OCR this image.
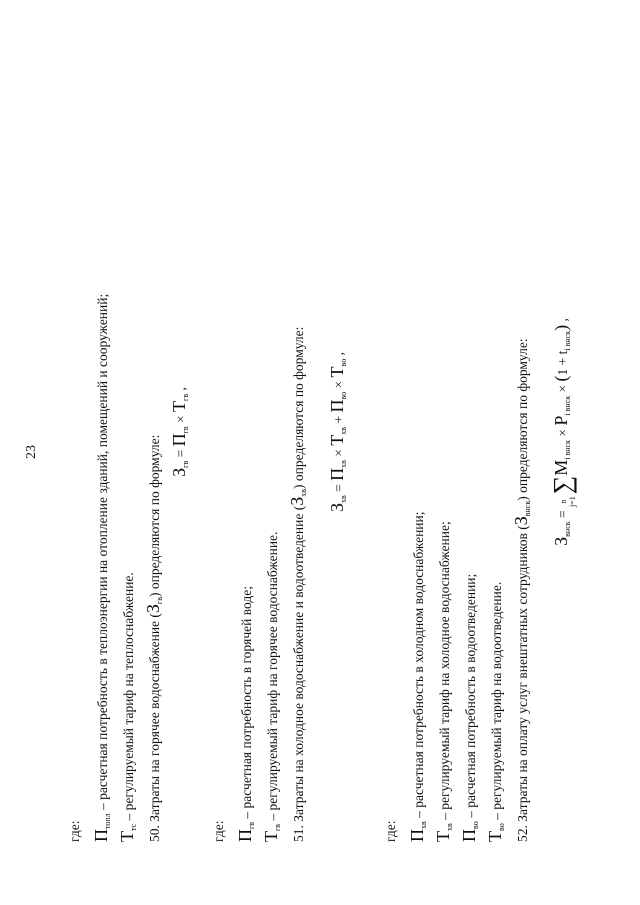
23
где: $П_{топл}$ – расчетная потребность в теплоэнергии на отопление зданий, помещений и сооружений;
$Т_{тс}$ – регулируемый тариф на теплоснабжение. 50. Затраты на горячее водоснабжение $(З_{гв})$ определяются по формуле: $З_{гв} = П_{гв} \times Т_{гв}$ ,
где: $П_{гв}$ – расчетная потребность в горячей воде;
$Т_{гв}$ – регулируемый тариф на горячее водоснабжение. 51. Затраты на холодное водоснабжение и водоотведение $(З_{хв})$ определяются по формуле:
$З_{хв} = П_{хв} \times Т_{хв} + П_{во} \times Т_{во}$ ,
где: $П_{хв}$ – расчетная потребность в холодном водоснабжении;
$Т_{хв}$ – регулируемый тариф на холодное водоснабжение;
$П_{во}$ – расчетная потребность в водоотведении;
$Т_{во}$ – регулируемый тариф на водоотведение. 52. Затраты на оплату услуг внештатных сотрудников $(З_{внск})$ определяются по формуле:
$З_{внск} = n$
$j=1\sum M_{i внск} \times P_{i внск} \times (1 + t_{i внск})$ ,
